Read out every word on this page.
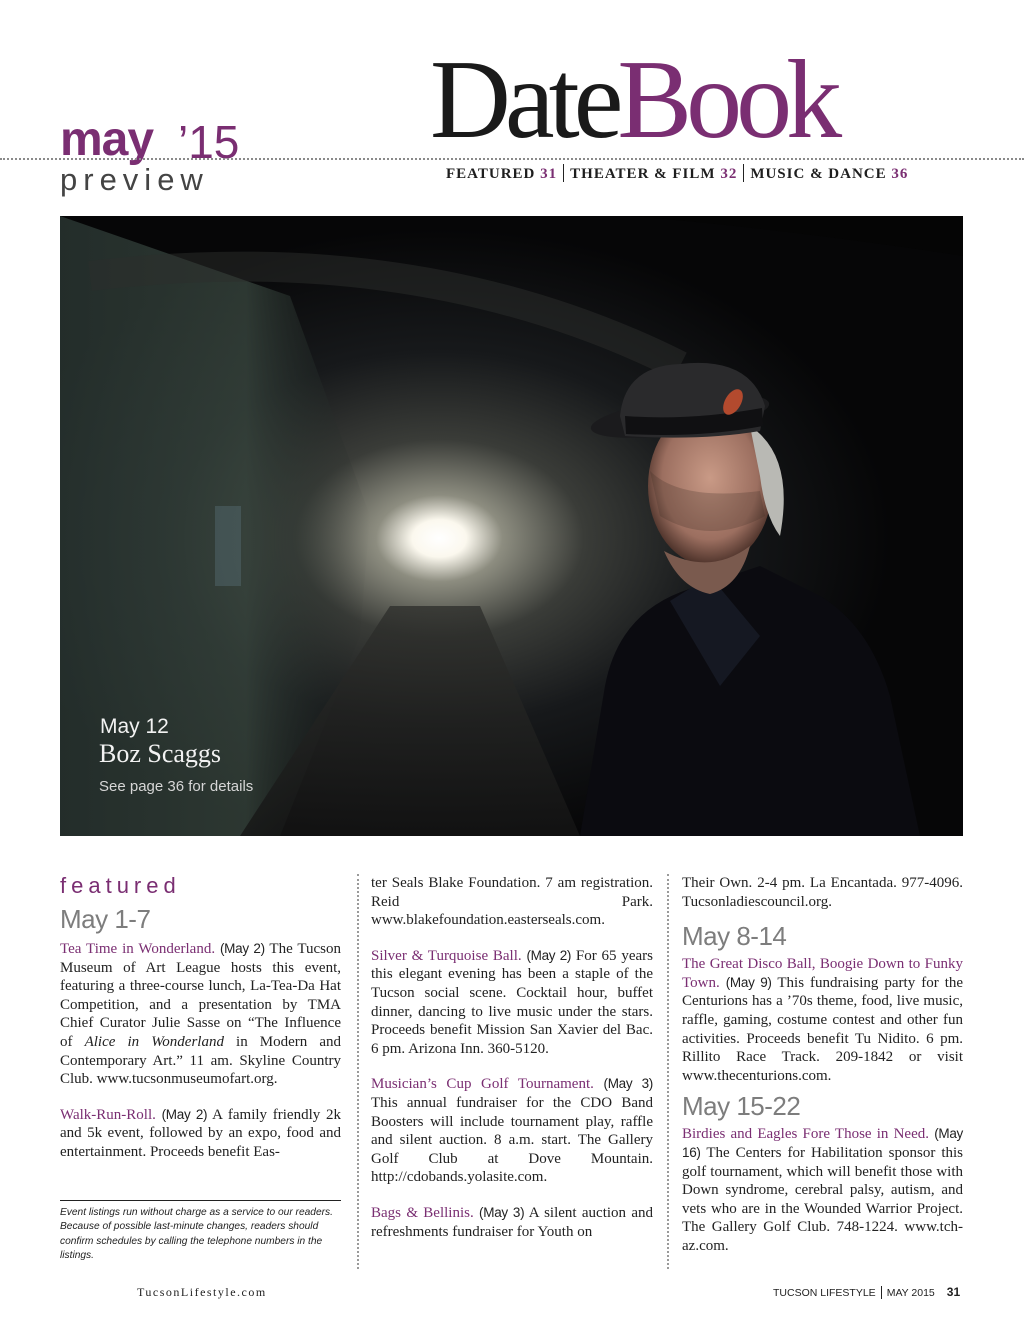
may ’15
preview
DateBook
FEATURED 31 THEATER & FILM 32 MUSIC & DANCE 36
May 12
Boz Scaggs
See page 36 for details
featured
May 1-7

Tea Time in Wonderland. (May 2) The Tucson Museum of Art League hosts this event, featuring a three-course lunch, La-Tea-Da Hat Competition, and a presentation by TMA Chief Curator Julie Sasse on “The Influence of Alice in Wonderland in Modern and Contemporary Art.” 11 am. Skyline Country Club. www.tucsonmuseumofart.org.

Walk-Run-Roll. (May 2) A family friendly 2k and 5k event, followed by an expo, food and entertainment. Proceeds benefit Eas-

Event listings run without charge as a service to our readers. Because of possible last-minute changes, readers should confirm schedules by calling the telephone numbers in the listings.

ter Seals Blake Foundation. 7 am registration. Reid Park. www.blakefoundation.easterseals.com.

Silver & Turquoise Ball. (May 2) For 65 years this elegant evening has been a staple of the Tucson social scene. Cocktail hour, buffet dinner, dancing to live music under the stars. Proceeds benefit Mission San Xavier del Bac. 6 pm. Arizona Inn. 360-5120.

Musician’s Cup Golf Tournament. (May 3) This annual fundraiser for the CDO Band Boosters will include tournament play, raffle and silent auction. 8 a.m. start. The Gallery Golf Club at Dove Mountain. http://cdobands.yolasite.com.

Bags & Bellinis. (May 3) A silent auction and refreshments fundraiser for Youth on

Their Own. 2-4 pm. La Encantada. 977-4096. Tucsonladiescouncil.org.

May 8-14

The Great Disco Ball, Boogie Down to Funky Town. (May 9) This fundraising party for the Centurions has a ’70s theme, food, live music, raffle, gaming, costume contest and other fun activities. Proceeds benefit Tu Nidito. 6 pm. Rillito Race Track. 209-1842 or visit www.thecenturions.com.

May 15-22

Birdies and Eagles Fore Those in Need. (May 16) The Centers for Habilitation sponsor this golf tournament, which will benefit those with Down syndrome, cerebral palsy, autism, and vets who are in the Wounded Warrior Project. The Gallery Golf Club. 748-1224. www.tch-az.com.

TucsonLifestyle.com	TUCSON LIFESTYLE MAY 2015 31
